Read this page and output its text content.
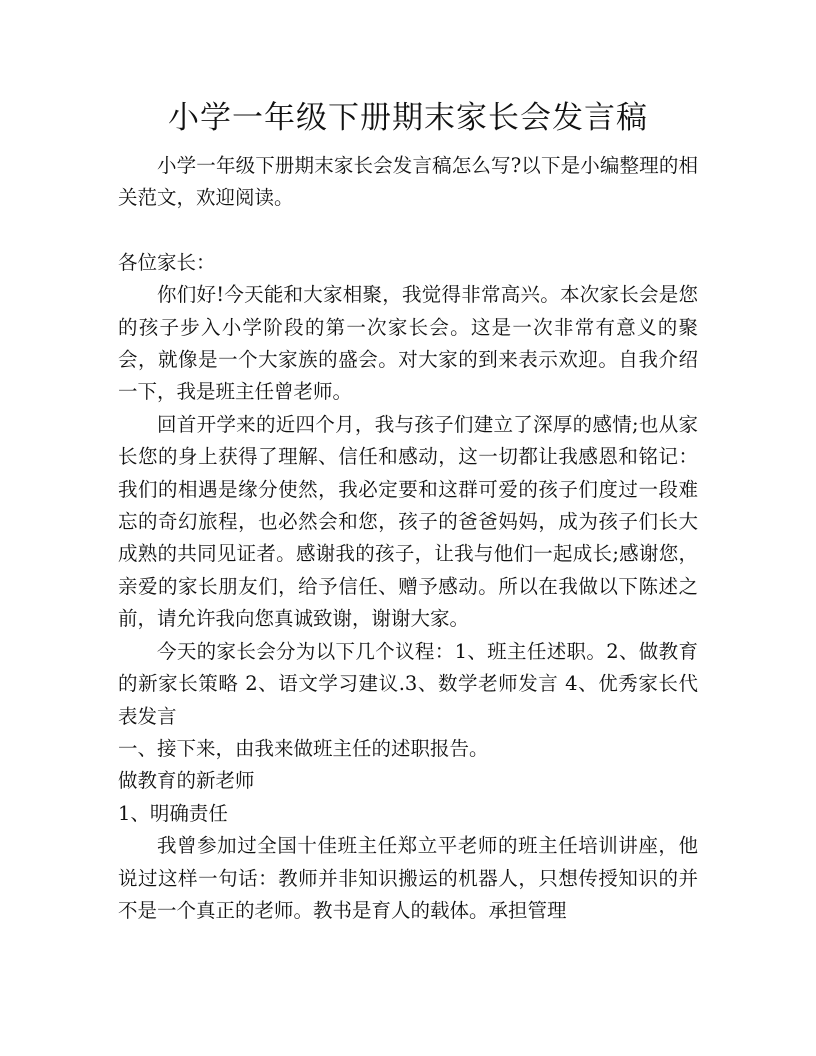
小学一年级下册期末家长会发言稿

小学一年级下册期末家长会发言稿怎么写?以下是小编整理的相关范文，欢迎阅读。

各位家长：

你们好!今天能和大家相聚，我觉得非常高兴。本次家长会是您的孩子步入小学阶段的第一次家长会。这是一次非常有意义的聚会，就像是一个大家族的盛会。对大家的到来表示欢迎。自我介绍一下，我是班主任曾老师。

回首开学来的近四个月，我与孩子们建立了深厚的感情;也从家长您的身上获得了理解、信任和感动，这一切都让我感恩和铭记：我们的相遇是缘分使然，我必定要和这群可爱的孩子们度过一段难忘的奇幻旅程，也必然会和您，孩子的爸爸妈妈，成为孩子们长大成熟的共同见证者。感谢我的孩子，让我与他们一起成长;感谢您，亲爱的家长朋友们，给予信任、赠予感动。所以在我做以下陈述之前，请允许我向您真诚致谢，谢谢大家。

今天的家长会分为以下几个议程：1、班主任述职。2、做教育的新家长策略 2、语文学习建议.3、数学老师发言 4、优秀家长代表发言

一、接下来，由我来做班主任的述职报告。

做教育的新老师

1、明确责任

我曾参加过全国十佳班主任郑立平老师的班主任培训讲座，他说过这样一句话：教师并非知识搬运的机器人，只想传授知识的并不是一个真正的老师。教书是育人的载体。承担管理
